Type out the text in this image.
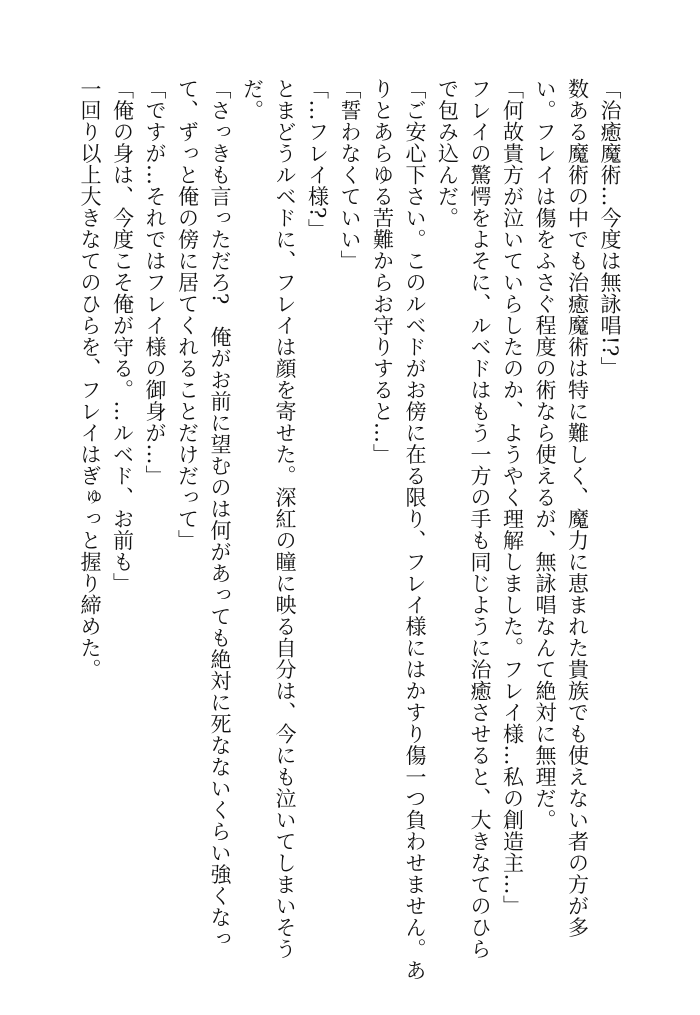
「治癒魔術…今度は無詠唱!?」
数ある魔術の中でも治癒魔術は特に難しく、魔力に恵まれた貴族でも使えない者の方が多
い。フレイは傷をふさぐ程度の術なら使えるが、無詠唱なんて絶対に無理だ。
「何故貴方が泣いていらしたのか、ようやく理解しました。フレイ様…私の創造主…」
フレイの驚愕をよそに、ルベドはもう一方の手も同じように治癒させると、大きなてのひら
で包み込んだ。
「ご安心下さい。このルベドがお傍に在る限り、フレイ様にはかすり傷一つ負わせません。あ
りとあらゆる苦難からお守りすると…」
「誓わなくていい」
「…フレイ様?」
とまどうルベドに、フレイは顔を寄せた。深紅の瞳に映る自分は、今にも泣いてしまいそう
だ。
「さっきも言っただろ?　俺がお前に望むのは何があっても絶対に死なないくらい強くなっ
て、ずっと俺の傍に居てくれることだけだって」
「ですが…それではフレイ様の御身が…」
「俺の身は、今度こそ俺が守る。…ルベド、お前も」
一回り以上大きなてのひらを、フレイはぎゅっと握り締めた。
